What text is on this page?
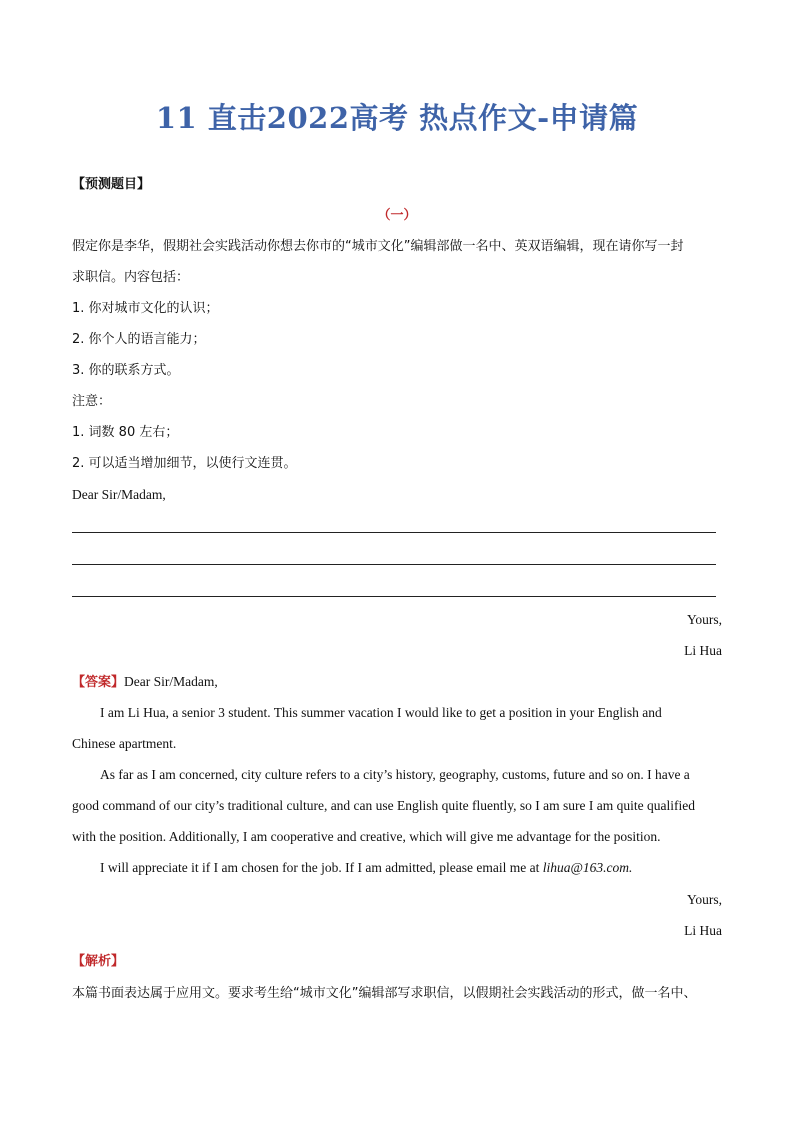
11 直击2022高考 热点作文-申请篇
【预测题目】
（一）
假定你是李华，假期社会实践活动你想去你市的“城市文化”编辑部做一名中、英双语编辑，现在请你写一封
求职信。内容包括：
1. 你对城市文化的认识；
2. 你个人的语言能力；
3. 你的联系方式。
注意：
1. 词数 80 左右；
2. 可以适当增加细节，以使行文连贯。
Dear Sir/Madam,
Yours,
Li Hua
【答案】Dear Sir/Madam,
I am Li Hua, a senior 3 student. This summer vacation I would like to get a position in your English and
Chinese apartment.
As far as I am concerned, city culture refers to a city’s history, geography, customs, future and so on. I have a
good command of our city’s traditional culture, and can use English quite fluently, so I am sure I am quite qualified
with the position. Additionally, I am cooperative and creative, which will give me advantage for the position.
I will appreciate it if I am chosen for the job. If I am admitted, please email me at lihua@163.com.
Yours,
Li Hua
【解析】
本篇书面表达属于应用文。要求考生给“城市文化”编辑部写求职信，以假期社会实践活动的形式，做一名中、
